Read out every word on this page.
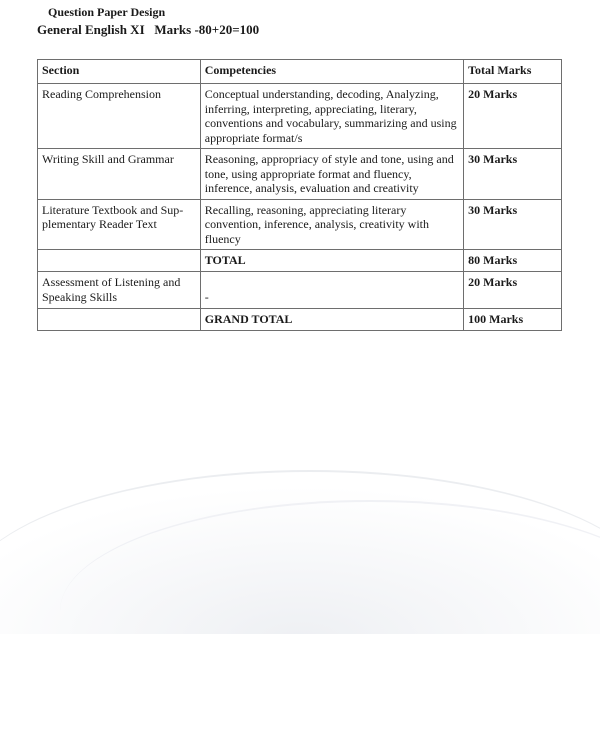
Question Paper Design
General English XI   Marks -80+20=100
Section	Competencies	Total Marks
Reading Comprehension	Conceptual understanding, decoding, Analyzing, inferring, interpreting, appreciating, literary, conventions and vocabulary, summarizing and using appropriate format/s	20 Marks
Writing Skill and Grammar	Reasoning, appropriacy of style and tone, using and tone, using appropriate format and fluency, inference, analysis, evaluation and creativity	30 Marks
Literature Textbook and Sup-plementary Reader Text	Recalling, reasoning, appreciating literary convention, inference, analysis, creativity with fluency	30 Marks
	TOTAL	80 Marks
Assessment of Listening and Speaking Skills	-	20 Marks
	GRAND TOTAL	100 Marks
